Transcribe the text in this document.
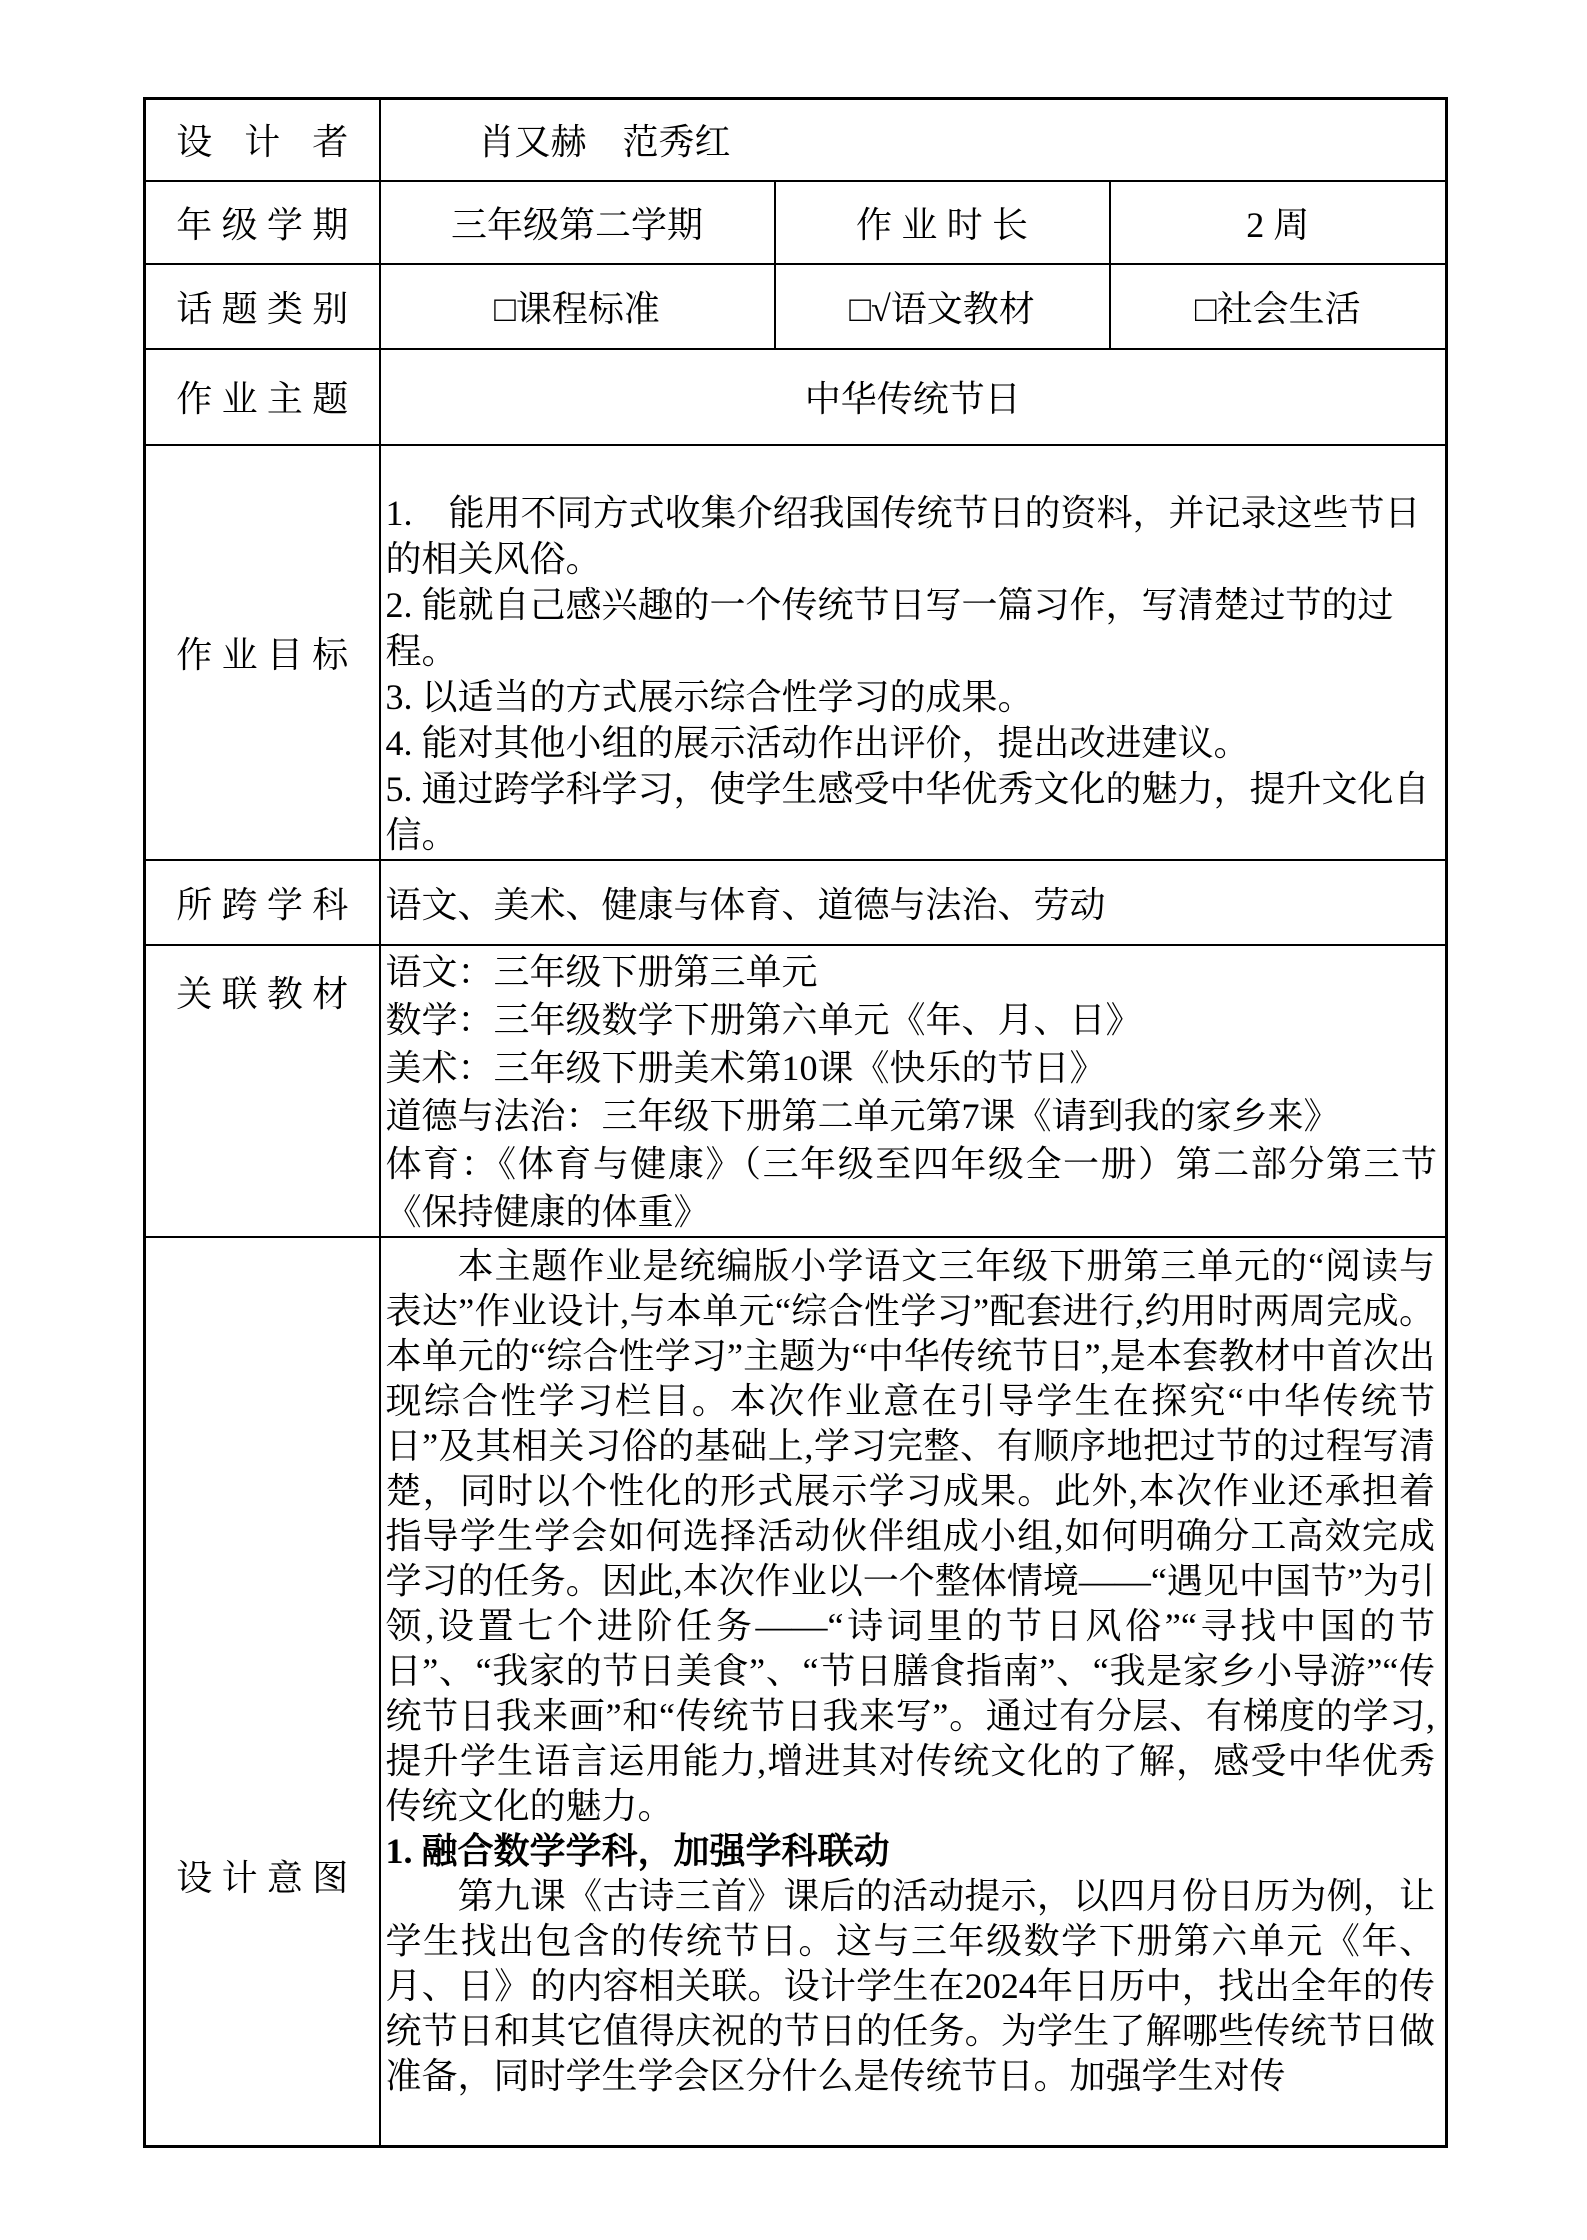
设计者	肖又赫　范秀红		
年级学期	三年级第二学期	作业时长	2 周
话题类别	□课程标准	□√语文教材	□社会生活
作业主题	中华传统节日		
作业目标	1.  能用不同方式收集介绍我国传统节日的资料，并记录这些节日的相关风俗。
2. 能就自己感兴趣的一个传统节日写一篇习作，写清楚过节的过程。
3. 以适当的方式展示综合性学习的成果。
4. 能对其他小组的展示活动作出评价，提出改进建议。
5. 通过跨学科学习，使学生感受中华优秀文化的魅力，提升文化自信。		

所跨学科	语文、美术、健康与体育、道德与法治、劳动		
关联教材	语文：三年级下册第三单元
数学：三年级数学下册第六单元《年、月、日》
美术：三年级下册美术第10课《快乐的节日》
道德与法治：三年级下册第二单元第7课《请到我的家乡来》
体育：《体育与健康》（三年级至四年级全一册）第二部分第三节《保持健康的体重》		

设计意图	本主题作业是统编版小学语文三年级下册第三单元的“阅读与表达”作业设计,与本单元“综合性学习”配套进行,约用时两周完成。本单元的“综合性学习”主题为“中华传统节日”,是本套教材中首次出现综合性学习栏目。本次作业意在引导学生在探究“中华传统节日”及其相关习俗的基础上,学习完整、有顺序地把过节的过程写清楚，同时以个性化的形式展示学习成果。此外,本次作业还承担着指导学生学会如何选择活动伙伴组成小组,如何明确分工高效完成学习的任务。因此,本次作业以一个整体情境——“遇见中国节”为引领,设置七个进阶任务——“诗词里的节日风俗”“寻找中国的节日”、“我家的节日美食”、“节日膳食指南”、“我是家乡小导游”“传统节日我来画”和“传统节日我来写”。通过有分层、有梯度的学习,提升学生语言运用能力,增进其对传统文化的了解，感受中华优秀传统文化的魅力。

1. 融合数学学科，加强学科联动

第九课《古诗三首》课后的活动提示，以四月份日历为例，让学生找出包含的传统节日。这与三年级数学下册第六单元《年、月、日》的内容相关联。设计学生在2024年日历中，找出全年的传统节日和其它值得庆祝的节日的任务。为学生了解哪些传统节日做准备，同时学生学会区分什么是传统节日。加强学生对传		
